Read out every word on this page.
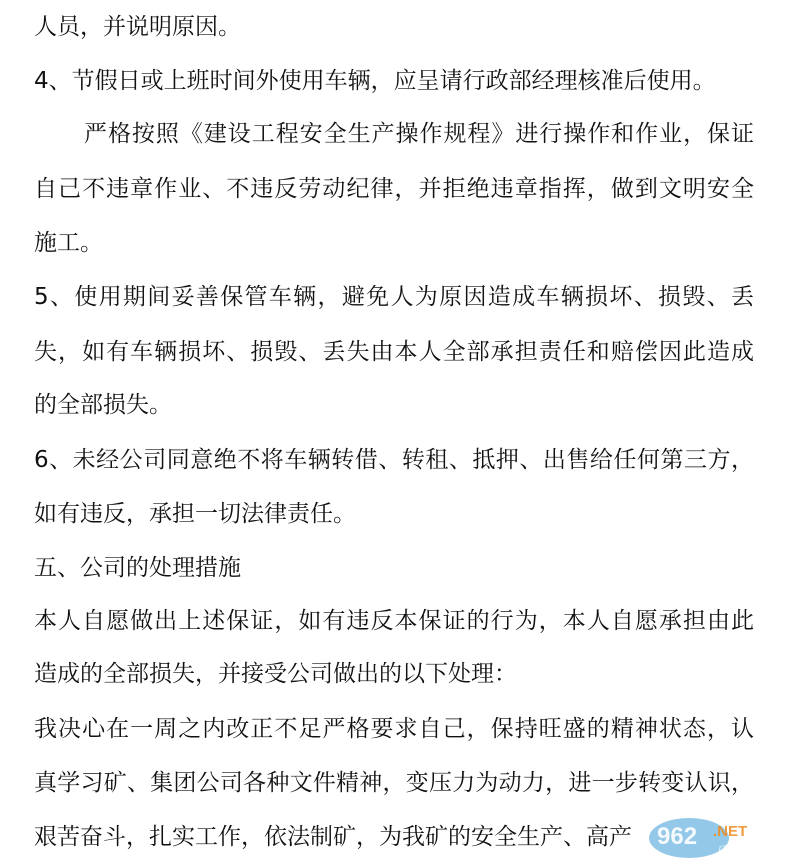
人员，并说明原因。
4、节假日或上班时间外使用车辆，应呈请行政部经理核准后使用。
严格按照《建设工程安全生产操作规程》进行操作和作业，保证
自己不违章作业、不违反劳动纪律，并拒绝违章指挥，做到文明安全
施工。
5、使用期间妥善保管车辆，避免人为原因造成车辆损坏、损毁、丢
失，如有车辆损坏、损毁、丢失由本人全部承担责任和赔偿因此造成
的全部损失。
6、未经公司同意绝不将车辆转借、转租、抵押、出售给任何第三方，
如有违反，承担一切法律责任。
五、公司的处理措施
本人自愿做出上述保证，如有违反本保证的行为，本人自愿承担由此
造成的全部损失，并接受公司做出的以下处理：
我决心在一周之内改正不足严格要求自己，保持旺盛的精神状态，认
真学习矿、集团公司各种文件精神，变压力为动力，进一步转变认识，
艰苦奋斗，扎实工作，依法制矿，为我矿的安全生产、高产	962 .NET
乐游网
